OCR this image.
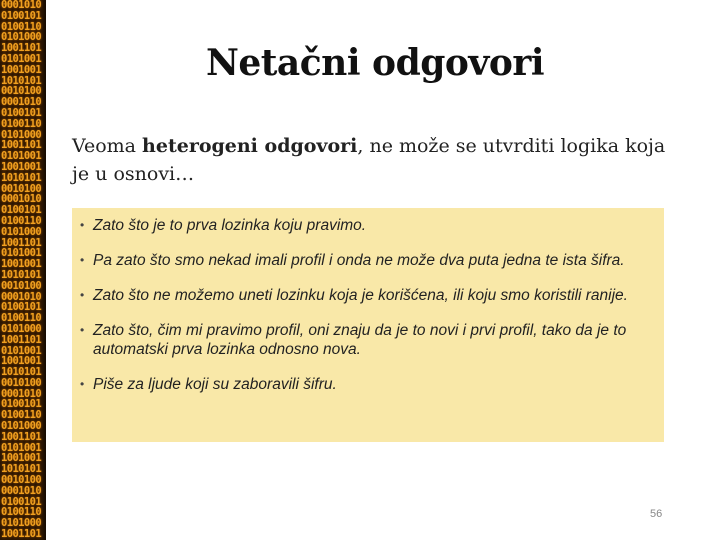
0001010
0100101
0100110
0101000
1001101
0101001
1001001
1010101
0010100
0001010
0100101
0100110
0101000
1001101
0101001
1001001
1010101
0010100
0001010
0100101
0100110
0101000
1001101
0101001
1001001
1010101
0010100
0001010
0100101
0100110
0101000
1001101
0101001
1001001
1010101
0010100
0001010
0100101
0100110
0101000
1001101
0101001
1001001
1010101
0010100
0001010
0100101
0100110
0101000
1001101
Netačni odgovori
Veoma heterogeni odgovori, ne može se utvrditi logika koja je u osnovi…
• Zato što je to prva lozinka koju pravimo.
• Pa zato što smo nekad imali profil i onda ne može dva puta jedna te ista šifra.
• Zato što ne možemo uneti lozinku koja je korišćena, ili koju smo koristili ranije.
• Zato što, čim mi pravimo profil, oni znaju da je to novi i prvi profil, tako da je to automatski prva lozinka odnosno nova.
• Piše za ljude koji su zaboravili šifru.
56
